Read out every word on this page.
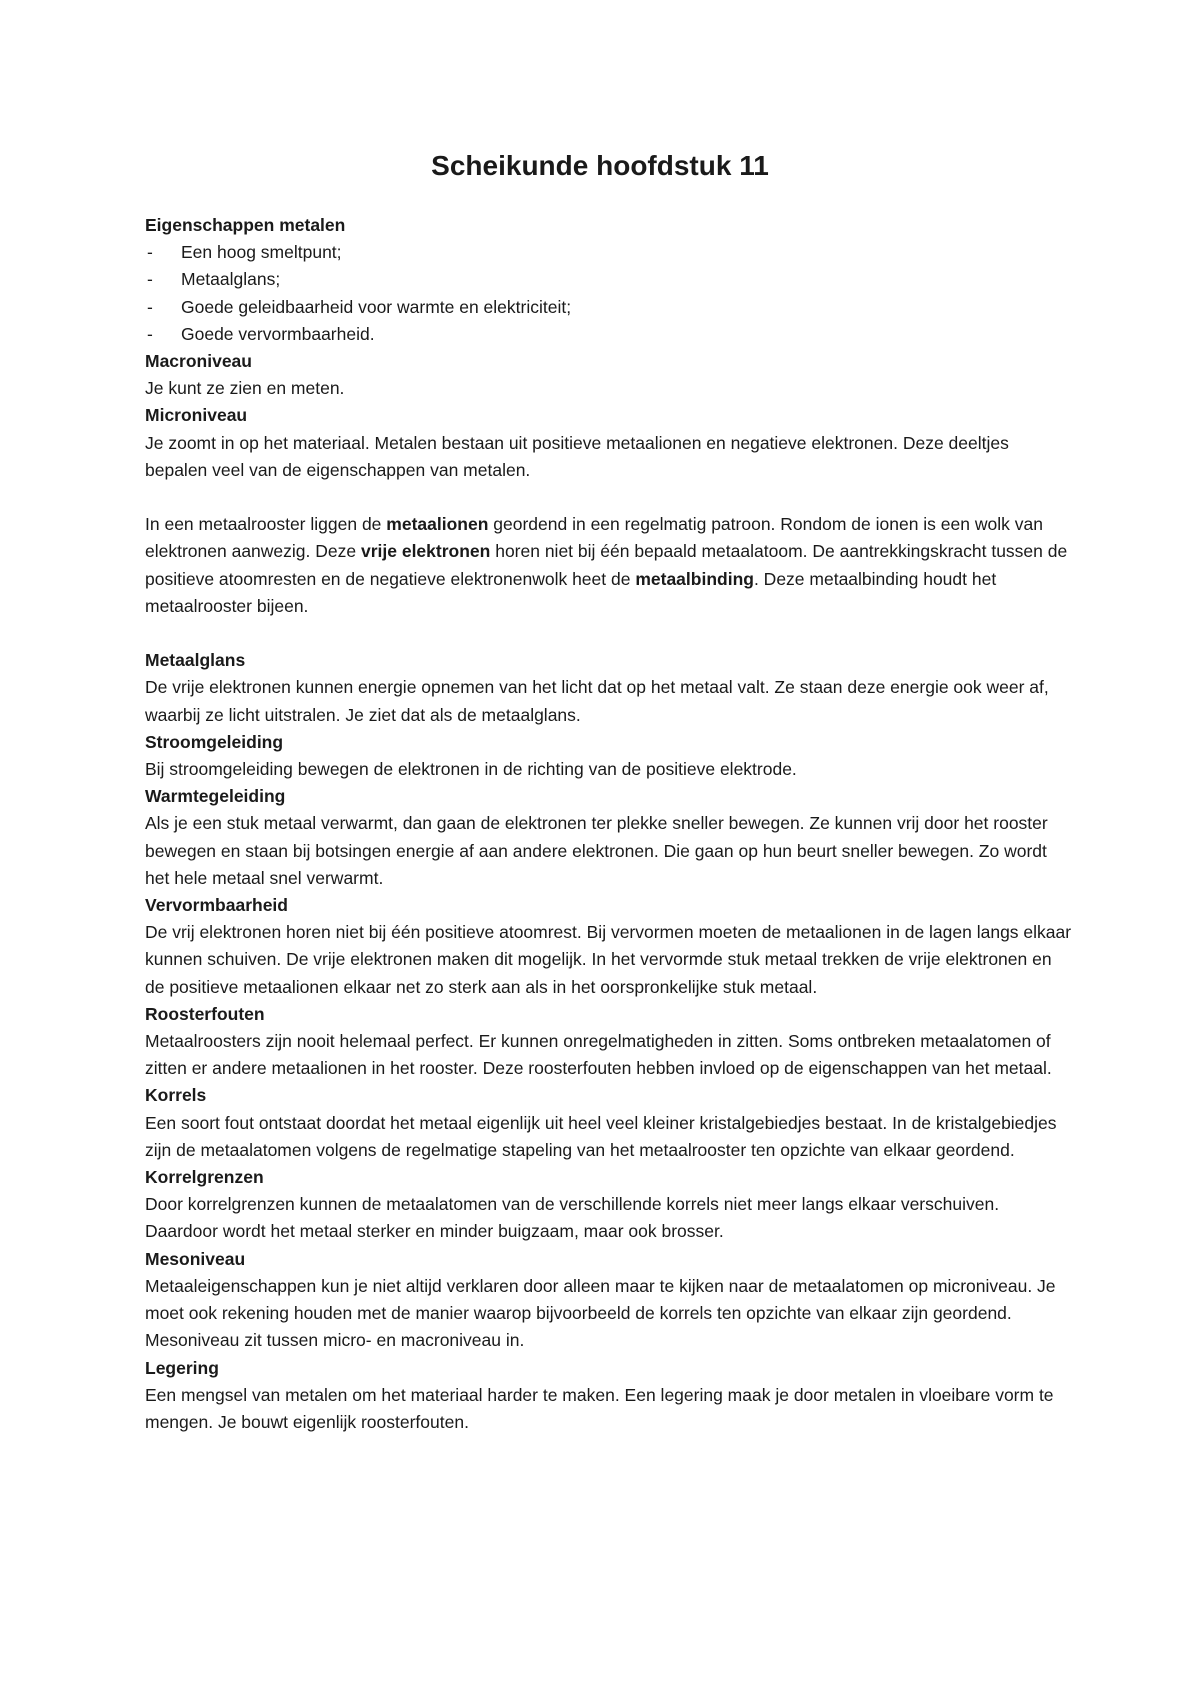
Scheikunde hoofdstuk 11

Eigenschappen metalen

- Een hoog smeltpunt;
- Metaalglans;
- Goede geleidbaarheid voor warmte en elektriciteit;
- Goede vervormbaarheid.

Macroniveau

Je kunt ze zien en meten.

Microniveau

Je zoomt in op het materiaal. Metalen bestaan uit positieve metaalionen en negatieve elektronen. Deze deeltjes bepalen veel van de eigenschappen van metalen.

In een metaalrooster liggen de metaalionen geordend in een regelmatig patroon. Rondom de ionen is een wolk van elektronen aanwezig. Deze vrije elektronen horen niet bij één bepaald metaalatoom. De aantrekkingskracht tussen de positieve atoomresten en de negatieve elektronenwolk heet de metaalbinding. Deze metaalbinding houdt het metaalrooster bijeen.

Metaalglans

De vrije elektronen kunnen energie opnemen van het licht dat op het metaal valt. Ze staan deze energie ook weer af, waarbij ze licht uitstralen. Je ziet dat als de metaalglans.

Stroomgeleiding

Bij stroomgeleiding bewegen de elektronen in de richting van de positieve elektrode.

Warmtegeleiding

Als je een stuk metaal verwarmt, dan gaan de elektronen ter plekke sneller bewegen. Ze kunnen vrij door het rooster bewegen en staan bij botsingen energie af aan andere elektronen. Die gaan op hun beurt sneller bewegen. Zo wordt het hele metaal snel verwarmt.

Vervormbaarheid

De vrij elektronen horen niet bij één positieve atoomrest. Bij vervormen moeten de metaalionen in de lagen langs elkaar kunnen schuiven. De vrije elektronen maken dit mogelijk. In het vervormde stuk metaal trekken de vrije elektronen en de positieve metaalionen elkaar net zo sterk aan als in het oorspronkelijke stuk metaal.

Roosterfouten

Metaalroosters zijn nooit helemaal perfect. Er kunnen onregelmatigheden in zitten. Soms ontbreken metaalatomen of zitten er andere metaalionen in het rooster. Deze roosterfouten hebben invloed op de eigenschappen van het metaal.

Korrels

Een soort fout ontstaat doordat het metaal eigenlijk uit heel veel kleiner kristalgebiedjes bestaat. In de kristalgebiedjes zijn de metaalatomen volgens de regelmatige stapeling van het metaalrooster ten opzichte van elkaar geordend.

Korrelgrenzen

Door korrelgrenzen kunnen de metaalatomen van de verschillende korrels niet meer langs elkaar verschuiven. Daardoor wordt het metaal sterker en minder buigzaam, maar ook brosser.

Mesoniveau

Metaaleigenschappen kun je niet altijd verklaren door alleen maar te kijken naar de metaalatomen op microniveau. Je moet ook rekening houden met de manier waarop bijvoorbeeld de korrels ten opzichte van elkaar zijn geordend. Mesoniveau zit tussen micro- en macroniveau in.

Legering

Een mengsel van metalen om het materiaal harder te maken. Een legering maak je door metalen in vloeibare vorm te mengen. Je bouwt eigenlijk roosterfouten.
